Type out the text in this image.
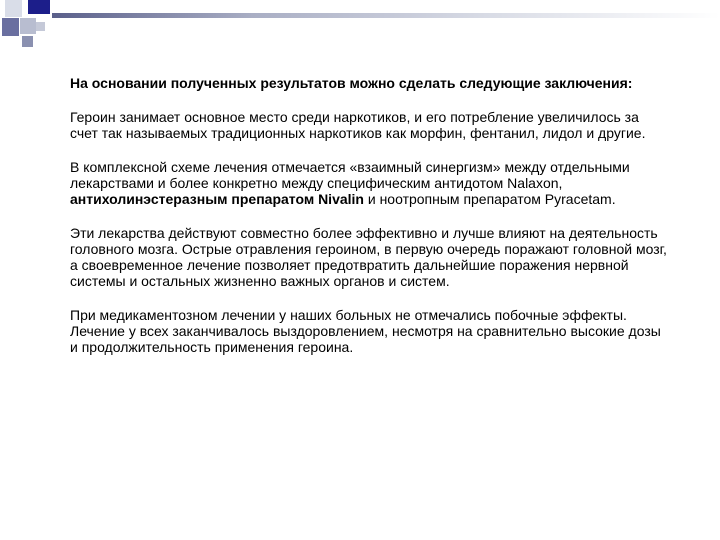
На основании полученных результатов можно сделать следующие заключения:

Героин занимает основное место среди наркотиков, и его потребление увеличилось за счет так называемых традиционных наркотиков как морфин, фентанил, лидол и другие.

В комплексной схеме лечения отмечается «взаимный синергизм» между отдельными лекарствами и более конкретно между специфическим антидотом Nalaxon, антихолинэстеразным препаратом Nivalin и ноотропным препаратом Pyracetam.

Эти лекарства действуют совместно более эффективно и лучше влияют на деятельность головного мозга. Острые отравления героином, в первую очередь поражают головной мозг, а своевременное лечение позволяет предотвратить дальнейшие поражения нервной системы и остальных жизненно важных органов и систем.

При медикаментозном лечении у наших больных не отмечались побочные эффекты. Лечение у всех заканчивалось выздоровлением, несмотря на сравнительно высокие дозы и продолжительность применения героина.
